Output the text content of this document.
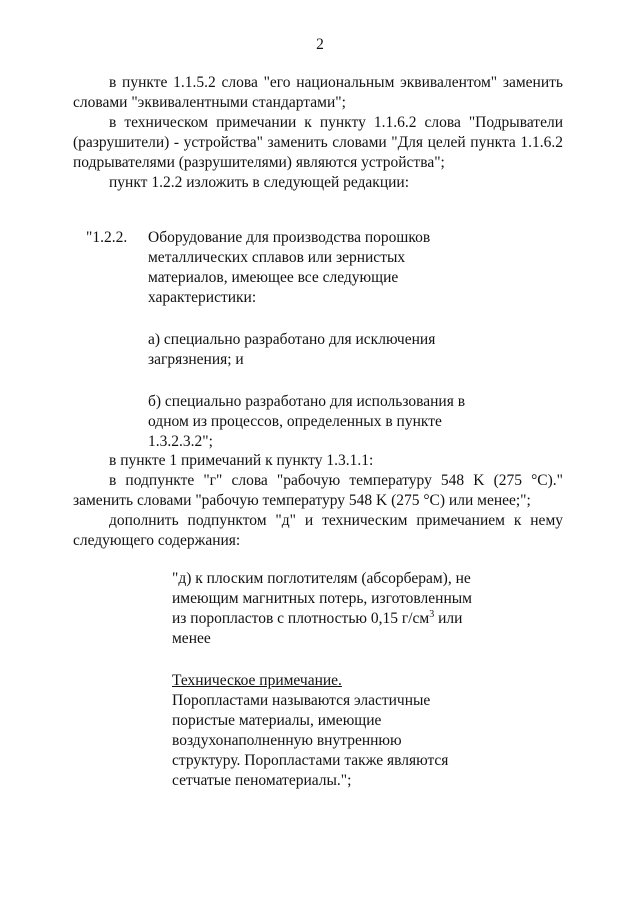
2

в пункте 1.1.5.2 слова "его национальным эквивалентом" заменить словами "эквивалентными стандартами";

в техническом примечании к пункту 1.1.6.2 слова "Подрыватели (разрушители) - устройства" заменить словами "Для целей пункта 1.1.6.2 подрывателями (разрушителями) являются устройства";

пункт 1.2.2 изложить в следующей редакции:

"1.2.2. Оборудование для производства порошков металлических сплавов или зернистых материалов, имеющее все следующие характеристики:

а) специально разработано для исключения загрязнения; и

б) специально разработано для использования в одном из процессов, определенных в пункте 1.3.2.3.2";

в пункте 1 примечаний к пункту 1.3.1.1:

в подпункте "г" слова "рабочую температуру 548 K (275 °C)." заменить словами "рабочую температуру 548 K (275 °C) или менее;";

дополнить подпунктом "д" и техническим примечанием к нему следующего содержания:

"д) к плоским поглотителям (абсорберам), не имеющим магнитных потерь, изготовленным из поропластов с плотностью 0,15 $г/см^3$ или менее

Техническое примечание.

Поропластами называются эластичные пористые материалы, имеющие воздухонаполненную внутреннюю структуру. Поропластами также являются сетчатые пеноматериалы.";
